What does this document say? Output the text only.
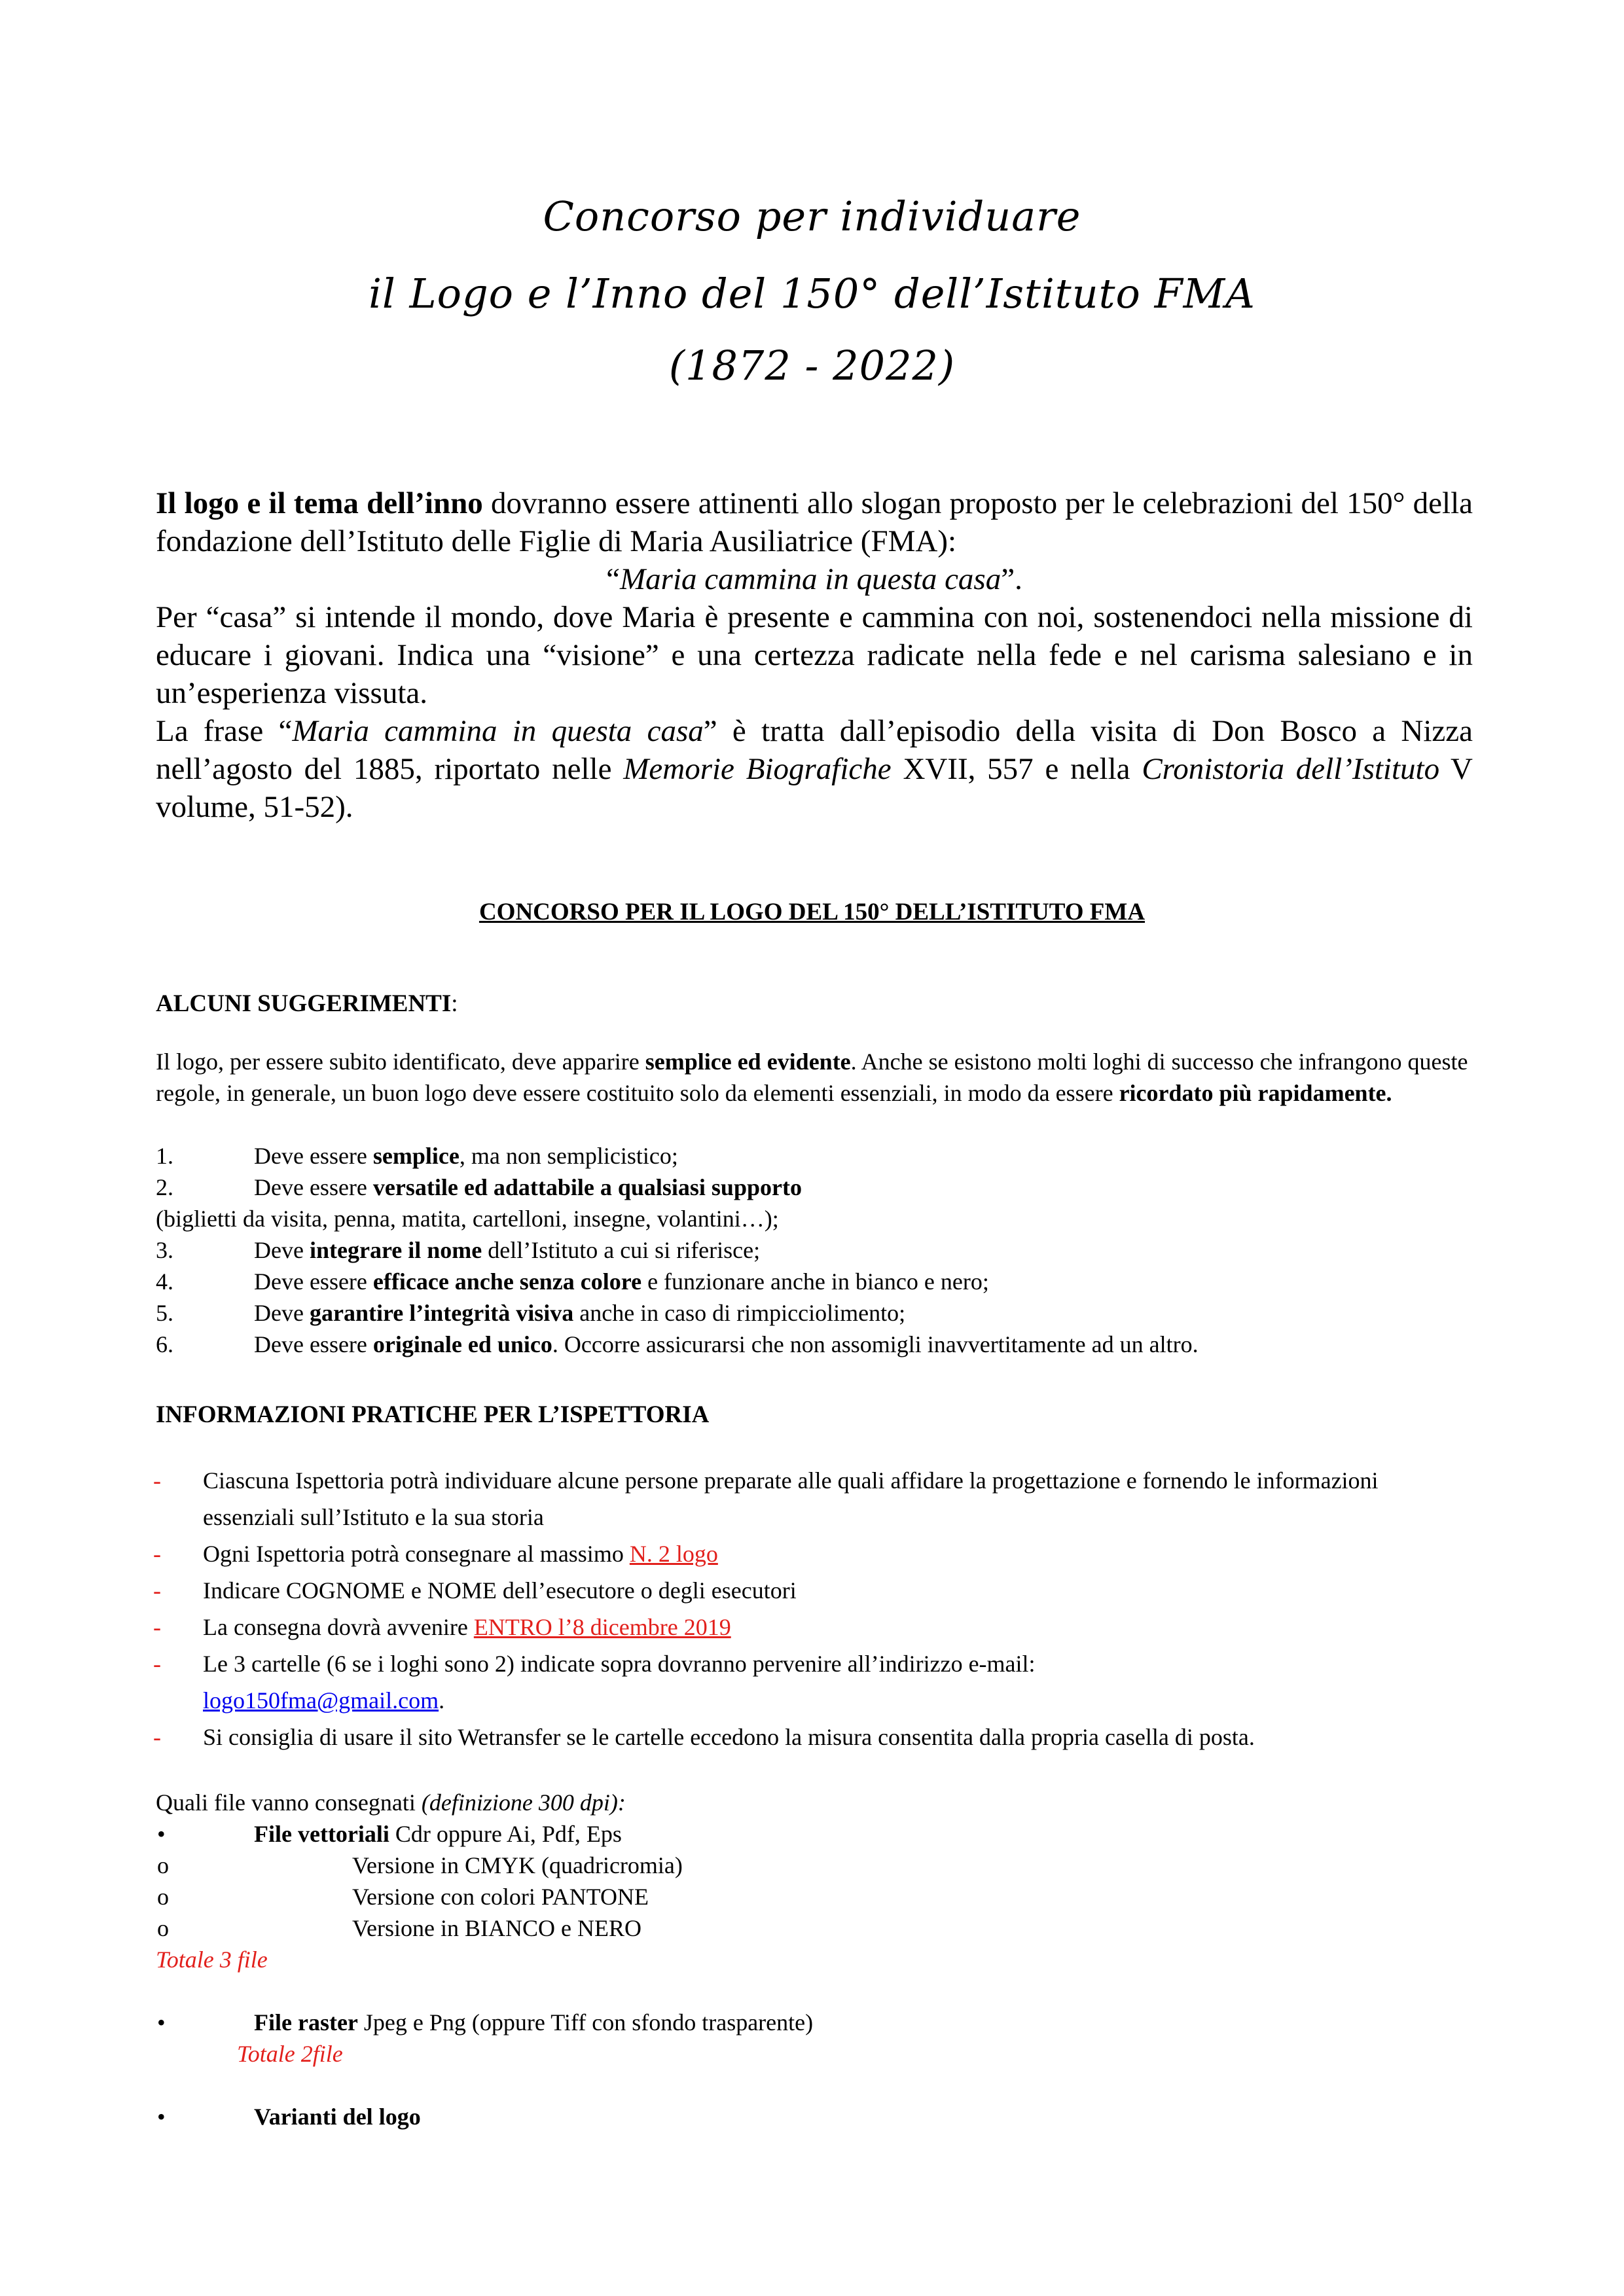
Concorso per individuare
il Logo e l’Inno del 150° dell’Istituto FMA
(1872 - 2022)

Il logo e il tema dell’inno dovranno essere attinenti allo slogan proposto per le celebrazioni del 150° della fondazione dell’Istituto delle Figlie di Maria Ausiliatrice (FMA):

“Maria cammina in questa casa”.

Per “casa” si intende il mondo, dove Maria è presente e cammina con noi, sostenendoci nella missione di educare i giovani. Indica una “visione” e una certezza radicate nella fede e nel carisma salesiano e in un’esperienza vissuta.

La frase “Maria cammina in questa casa” è tratta dall’episodio della visita di Don Bosco a Nizza nell’agosto del 1885, riportato nelle Memorie Biografiche XVII, 557 e nella Cronistoria dell’Istituto V volume, 51-52).

CONCORSO PER IL LOGO DEL 150° DELL’ISTITUTO FMA
ALCUNI SUGGERIMENTI:

Il logo, per essere subito identificato, deve apparire semplice ed evidente. Anche se esistono molti loghi di successo che infrangono queste regole, in generale, un buon logo deve essere costituito solo da elementi essenziali, in modo da essere ricordato più rapidamente.

1.	Deve essere semplice, ma non semplicistico;
2.	Deve essere versatile ed adattabile a qualsiasi supporto
(biglietti da visita, penna, matita, cartelloni, insegne, volantini…);
3.	Deve integrare il nome dell’Istituto a cui si riferisce;
4.	Deve essere efficace anche senza colore e funzionare anche in bianco e nero;
5.	Deve garantire l’integrità visiva anche in caso di rimpicciolimento;
6.	Deve essere originale ed unico. Occorre assicurarsi che non assomigli inavvertitamente ad un altro.
INFORMAZIONI PRATICHE PER L’ISPETTORIA
- Ciascuna Ispettoria potrà individuare alcune persone preparate alle quali affidare la progettazione e fornendo le informazioni essenziali sull’Istituto e la sua storia
- Ogni Ispettoria potrà consegnare al massimo N. 2 logo
- Indicare COGNOME e NOME dell’esecutore o degli esecutori
- La consegna dovrà avvenire ENTRO l’8 dicembre 2019
- Le 3 cartelle (6 se i loghi sono 2) indicate sopra dovranno pervenire all’indirizzo e-mail:
logo150fma@gmail.com.
- Si consiglia di usare il sito Wetransfer se le cartelle eccedono la misura consentita dalla propria casella di posta.
Quali file vanno consegnati (definizione 300 dpi):
•	File vettoriali Cdr oppure Ai, Pdf, Eps
o	Versione in CMYK (quadricromia)
o	Versione con colori PANTONE
o	Versione in BIANCO e NERO
Totale 3 file
•	File raster Jpeg e Png (oppure Tiff con sfondo trasparente)
Totale 2file
•	Varianti del logo
